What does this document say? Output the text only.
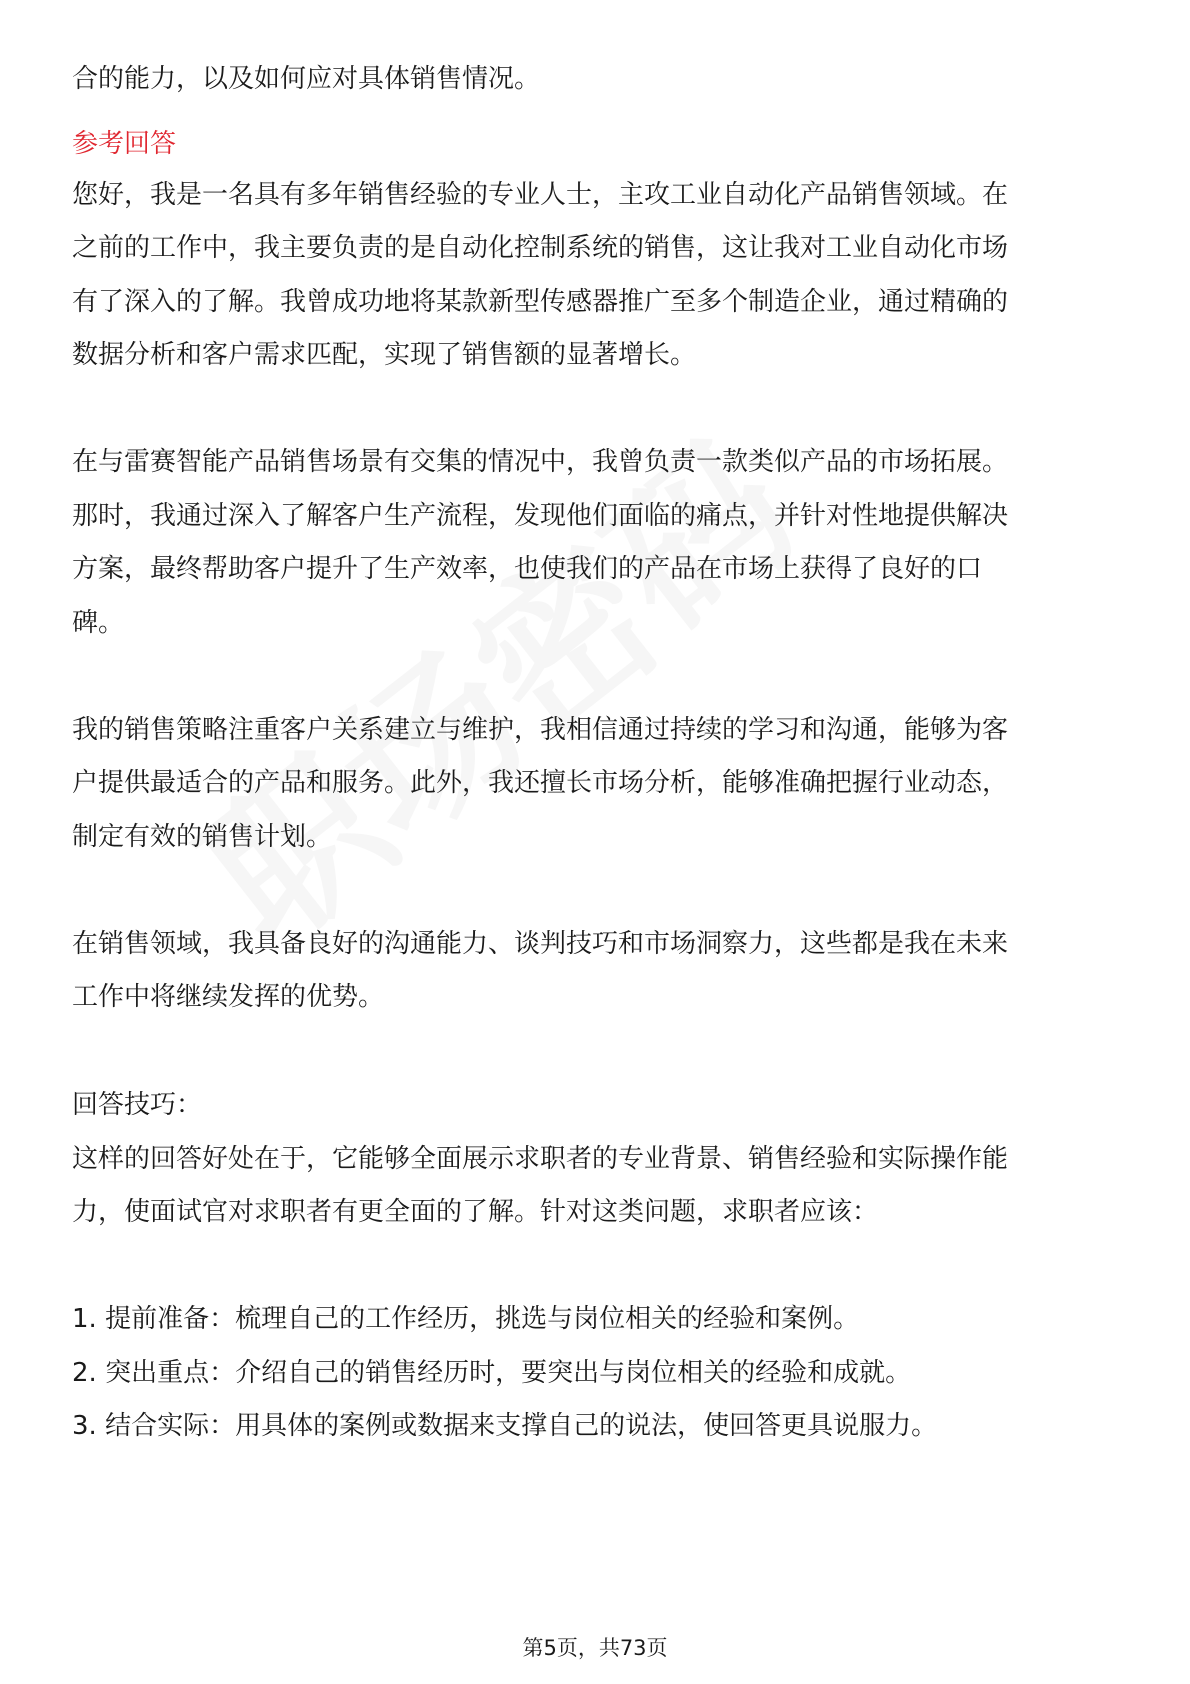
合的能力，以及如何应对具体销售情况。

参考回答

您好，我是一名具有多年销售经验的专业人士，主攻工业自动化产品销售领域。在

之前的工作中，我主要负责的是自动化控制系统的销售，这让我对工业自动化市场

有了深入的了解。我曾成功地将某款新型传感器推广至多个制造企业，通过精确的

数据分析和客户需求匹配，实现了销售额的显著增长。

在与雷赛智能产品销售场景有交集的情况中，我曾负责一款类似产品的市场拓展。

那时，我通过深入了解客户生产流程，发现他们面临的痛点，并针对性地提供解决

方案，最终帮助客户提升了生产效率，也使我们的产品在市场上获得了良好的口

碑。

我的销售策略注重客户关系建立与维护，我相信通过持续的学习和沟通，能够为客

户提供最适合的产品和服务。此外，我还擅长市场分析，能够准确把握行业动态，

制定有效的销售计划。

在销售领域，我具备良好的沟通能力、谈判技巧和市场洞察力，这些都是我在未来

工作中将继续发挥的优势。

回答技巧：

这样的回答好处在于，它能够全面展示求职者的专业背景、销售经验和实际操作能

力，使面试官对求职者有更全面的了解。针对这类问题，求职者应该：

1. 提前准备：梳理自己的工作经历，挑选与岗位相关的经验和案例。

2. 突出重点：介绍自己的销售经历时，要突出与岗位相关的经验和成就。

3. 结合实际：用具体的案例或数据来支撑自己的说法，使回答更具说服力。

第5页，共73页
